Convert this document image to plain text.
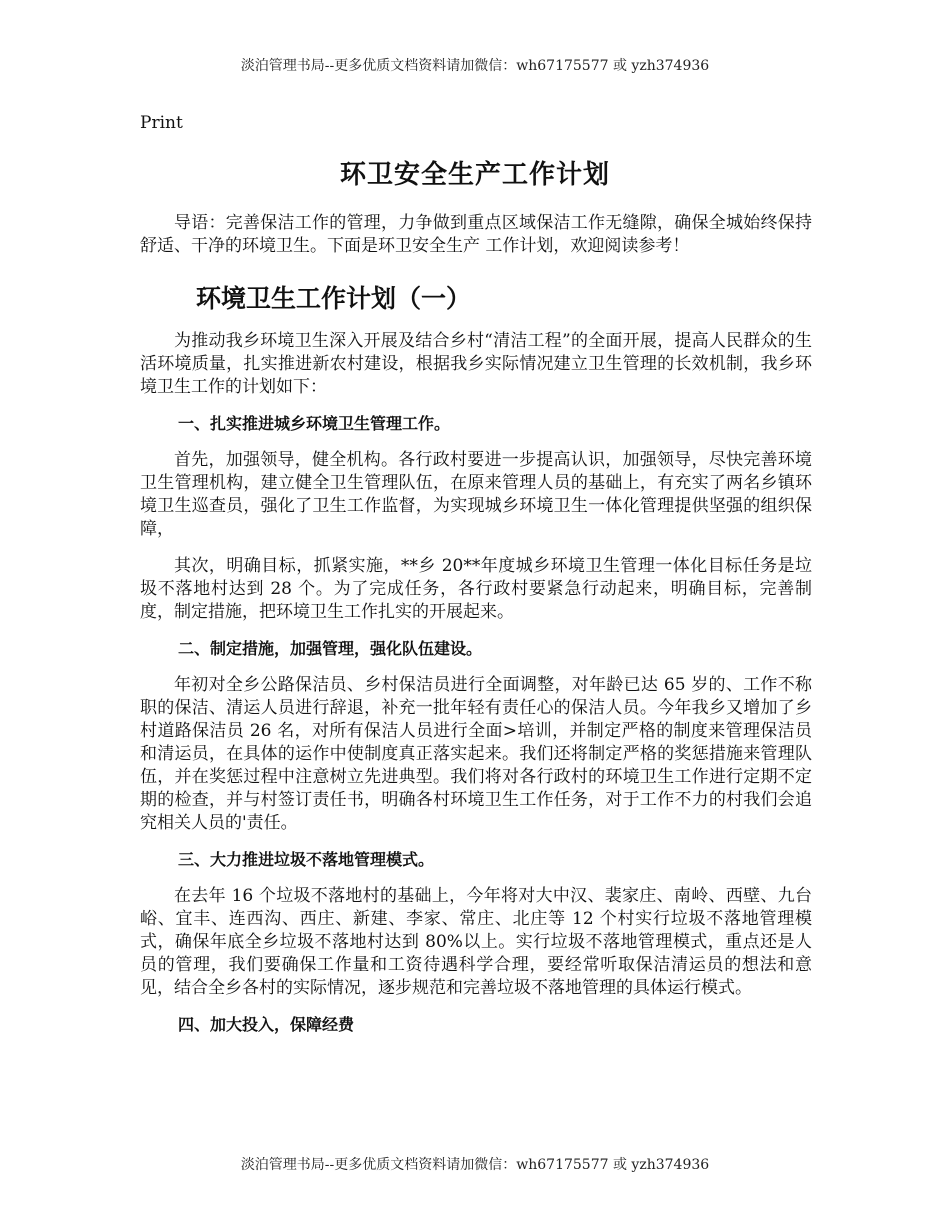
淡泊管理书局--更多优质文档资料请加微信：wh67175577 或 yzh374936
Print
环卫安全生产工作计划

导语：完善保洁工作的管理，力争做到重点区域保洁工作无缝隙，确保全城始终保持舒适、干净的环境卫生。下面是环卫安全生产 工作计划，欢迎阅读参考！

环境卫生工作计划（一）

为推动我乡环境卫生深入开展及结合乡村“清洁工程”的全面开展，提高人民群众的生活环境质量，扎实推进新农村建设，根据我乡实际情况建立卫生管理的长效机制，我乡环境卫生工作的计划如下：

一、扎实推进城乡环境卫生管理工作。

首先，加强领导，健全机构。各行政村要进一步提高认识，加强领导，尽快完善环境卫生管理机构，建立健全卫生管理队伍，在原来管理人员的基础上，有充实了两名乡镇环境卫生巡查员，强化了卫生工作监督，为实现城乡环境卫生一体化管理提供坚强的组织保障，

其次，明确目标，抓紧实施，**乡 20**年度城乡环境卫生管理一体化目标任务是垃圾不落地村达到 28 个。为了完成任务，各行政村要紧急行动起来，明确目标，完善制度，制定措施，把环境卫生工作扎实的开展起来。

二、制定措施，加强管理，强化队伍建设。

年初对全乡公路保洁员、乡村保洁员进行全面调整，对年龄已达 65 岁的、工作不称职的保洁、清运人员进行辞退，补充一批年轻有责任心的保洁人员。今年我乡又增加了乡村道路保洁员 26 名，对所有保洁人员进行全面>培训，并制定严格的制度来管理保洁员和清运员，在具体的运作中使制度真正落实起来。我们还将制定严格的奖惩措施来管理队伍，并在奖惩过程中注意树立先进典型。我们将对各行政村的环境卫生工作进行定期不定期的检查，并与村签订责任书，明确各村环境卫生工作任务，对于工作不力的村我们会追究相关人员的'责任。

三、大力推进垃圾不落地管理模式。

在去年 16 个垃圾不落地村的基础上，今年将对大中汉、裴家庄、南岭、西壁、九台峪、宜丰、连西沟、西庄、新建、李家、常庄、北庄等 12 个村实行垃圾不落地管理模式，确保年底全乡垃圾不落地村达到 80%以上。实行垃圾不落地管理模式，重点还是人员的管理，我们要确保工作量和工资待遇科学合理，要经常听取保洁清运员的想法和意见，结合全乡各村的实际情况，逐步规范和完善垃圾不落地管理的具体运行模式。

四、加大投入，保障经费
淡泊管理书局--更多优质文档资料请加微信：wh67175577 或 yzh374936
